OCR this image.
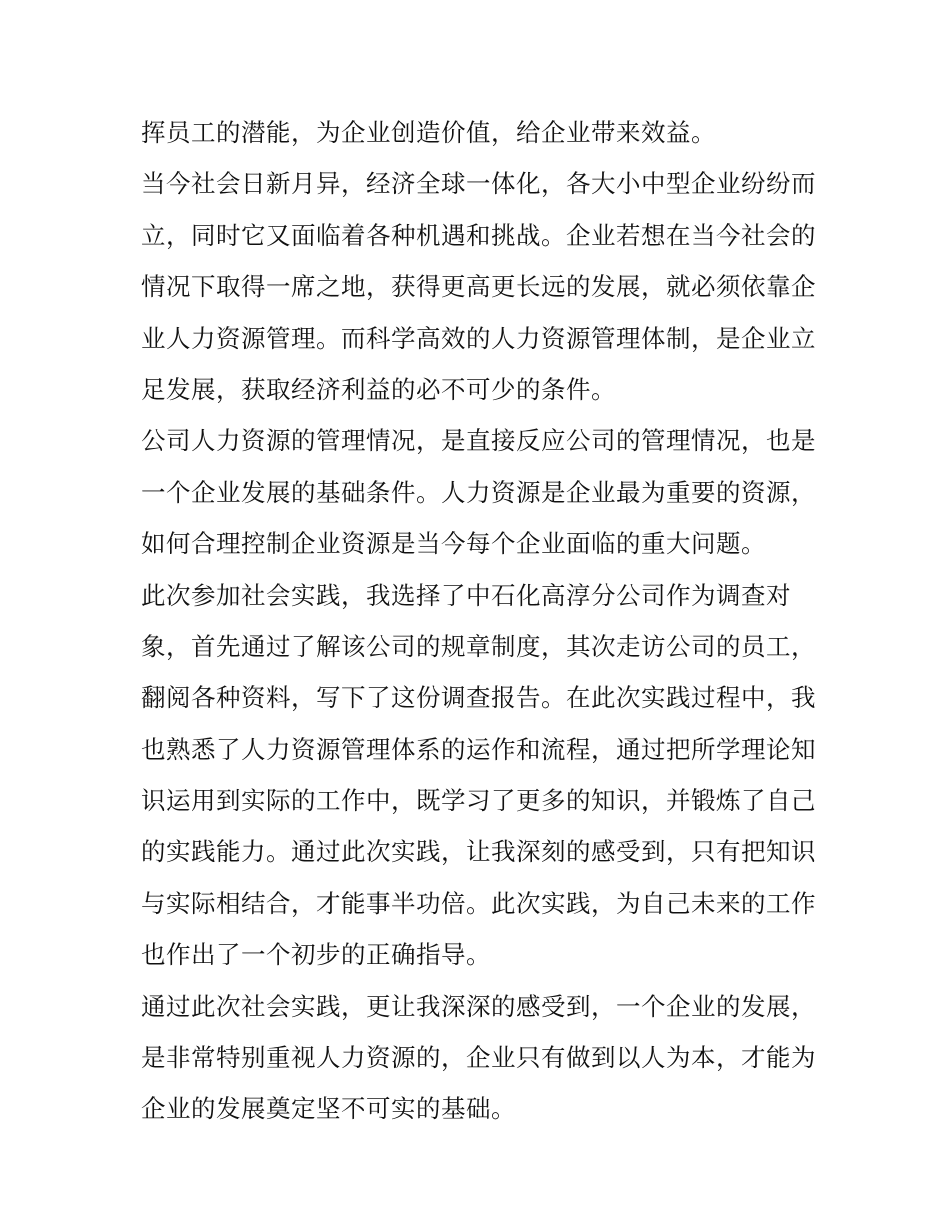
挥员工的潜能，为企业创造价值，给企业带来效益。
当今社会日新月异，经济全球一体化，各大小中型企业纷纷而
立，同时它又面临着各种机遇和挑战。企业若想在当今社会的
情况下取得一席之地，获得更高更长远的发展，就必须依靠企
业人力资源管理。而科学高效的人力资源管理体制，是企业立
足发展，获取经济利益的必不可少的条件。
公司人力资源的管理情况，是直接反应公司的管理情况，也是
一个企业发展的基础条件。人力资源是企业最为重要的资源，
如何合理控制企业资源是当今每个企业面临的重大问题。
此次参加社会实践，我选择了中石化高淳分公司作为调查对
象，首先通过了解该公司的规章制度，其次走访公司的员工，
翻阅各种资料，写下了这份调查报告。在此次实践过程中，我
也熟悉了人力资源管理体系的运作和流程，通过把所学理论知
识运用到实际的工作中，既学习了更多的知识，并锻炼了自己
的实践能力。通过此次实践，让我深刻的感受到，只有把知识
与实际相结合，才能事半功倍。此次实践，为自己未来的工作
也作出了一个初步的正确指导。
通过此次社会实践，更让我深深的感受到，一个企业的发展，
是非常特别重视人力资源的，企业只有做到以人为本，才能为
企业的发展奠定坚不可实的基础。
